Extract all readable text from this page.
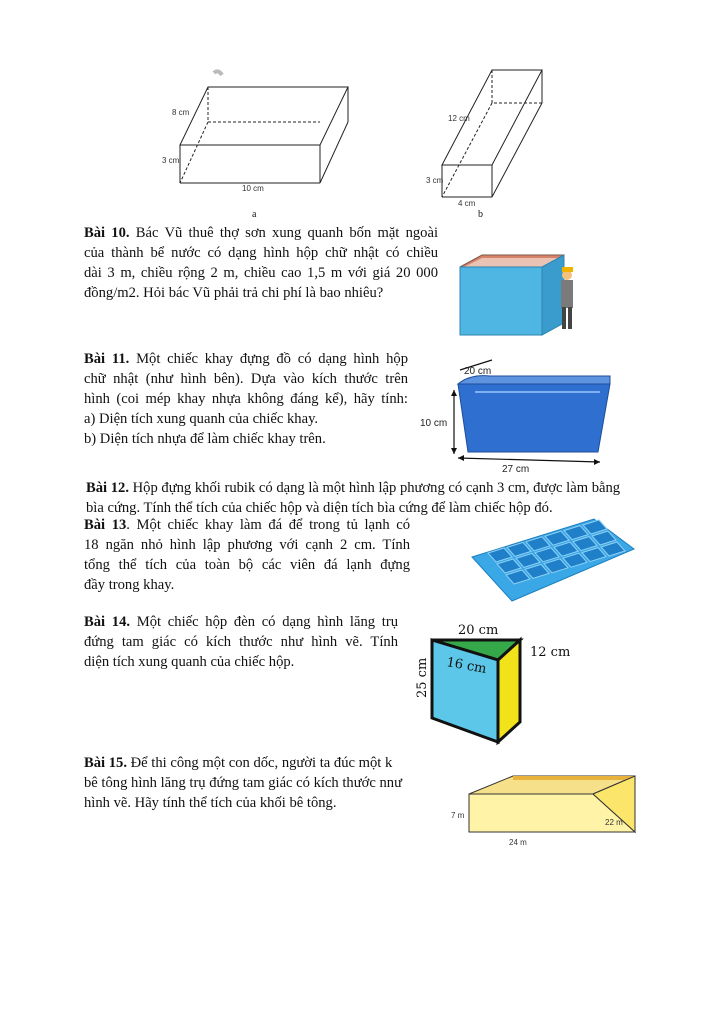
8 cm
3 cm
10 cm
a
12 cm
3 cm
4 cm
b
Bài 10. Bác Vũ thuê thợ sơn xung quanh bốn mặt ngoài
của thành bể nước có dạng hình hộp chữ nhật có chiều
dài 3 m, chiều rộng 2 m, chiều cao 1,5 m với giá 20 000
đồng/m2. Hỏi bác Vũ phải trả chi phí là bao nhiêu?
Bài 11. Một chiếc khay đựng đồ có dạng hình hộp
chữ nhật (như hình bên). Dựa vào kích thước trên
hình (coi mép khay nhựa không đáng kể), hãy tính:
a) Diện tích xung quanh của chiếc khay.
b) Diện tích nhựa để làm chiếc khay trên.
20 cm
10 cm
27 cm
Bài 12. Hộp đựng khối rubik có dạng là một hình lập phương có cạnh 3 cm, được làm bằng
bìa cứng. Tính thể tích của chiếc hộp và diện tích bìa cứng để làm chiếc hộp đó.
Bài 13. Một chiếc khay làm đá để trong tủ lạnh có
18 ngăn nhỏ hình lập phương với cạnh 2 cm. Tính
tổng thể tích của toàn bộ các viên đá lạnh đựng
đầy trong khay.
Bài 14. Một chiếc hộp đèn có dạng hình lăng trụ
đứng tam giác có kích thước như hình vẽ. Tính
diện tích xung quanh của chiếc hộp.
20 cm
12 cm
16 cm
25 cm
Bài 15. Để thi công một con dốc, người ta đúc một k
bê tông hình lăng trụ đứng tam giác có kích thước nnư
hình vẽ. Hãy tính thể tích của khối bê tông.
7 m
22 m
24 m
